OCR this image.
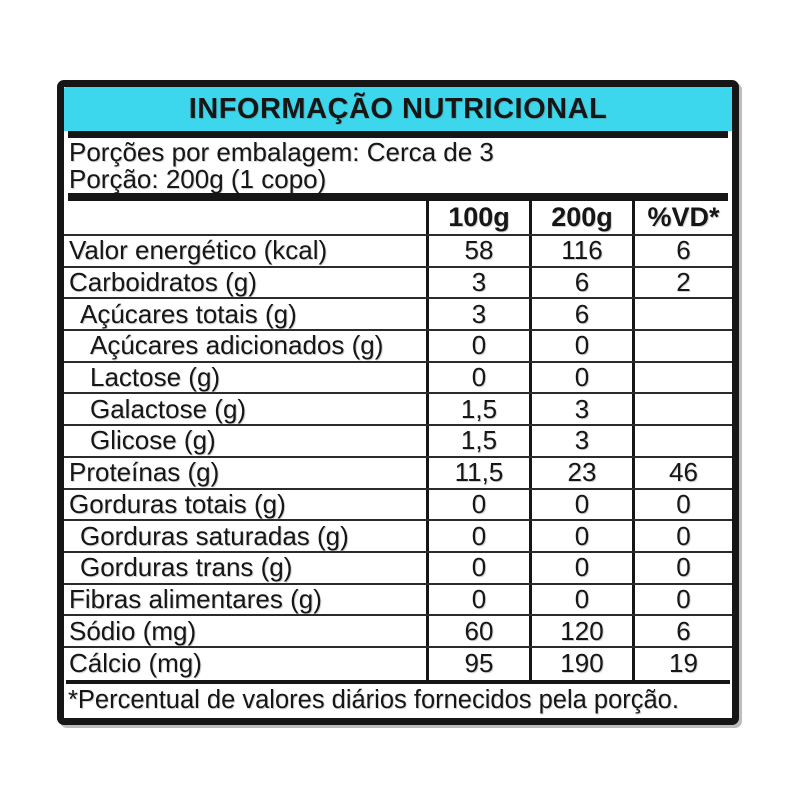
INFORMAÇÃO NUTRICIONAL
Porções por embalagem: Cerca de 3
Porção: 200g (1 copo)
100g	200g	%VD*
Valor energético (kcal)	58	116	6
Carboidratos (g)	3	6	2
Açúcares totais (g)	3	6
Açúcares adicionados (g)	0	0
Lactose (g)	0	0
Galactose (g)	1,5	3
Glicose (g)	1,5	3
Proteínas (g)	11,5	23	46
Gorduras totais (g)	0	0	0
Gorduras saturadas (g)	0	0	0
Gorduras trans (g)	0	0	0
Fibras alimentares (g)	0	0	0
Sódio (mg)	60	120	6
Cálcio (mg)	95	190	19
*Percentual de valores diários fornecidos pela porção.
